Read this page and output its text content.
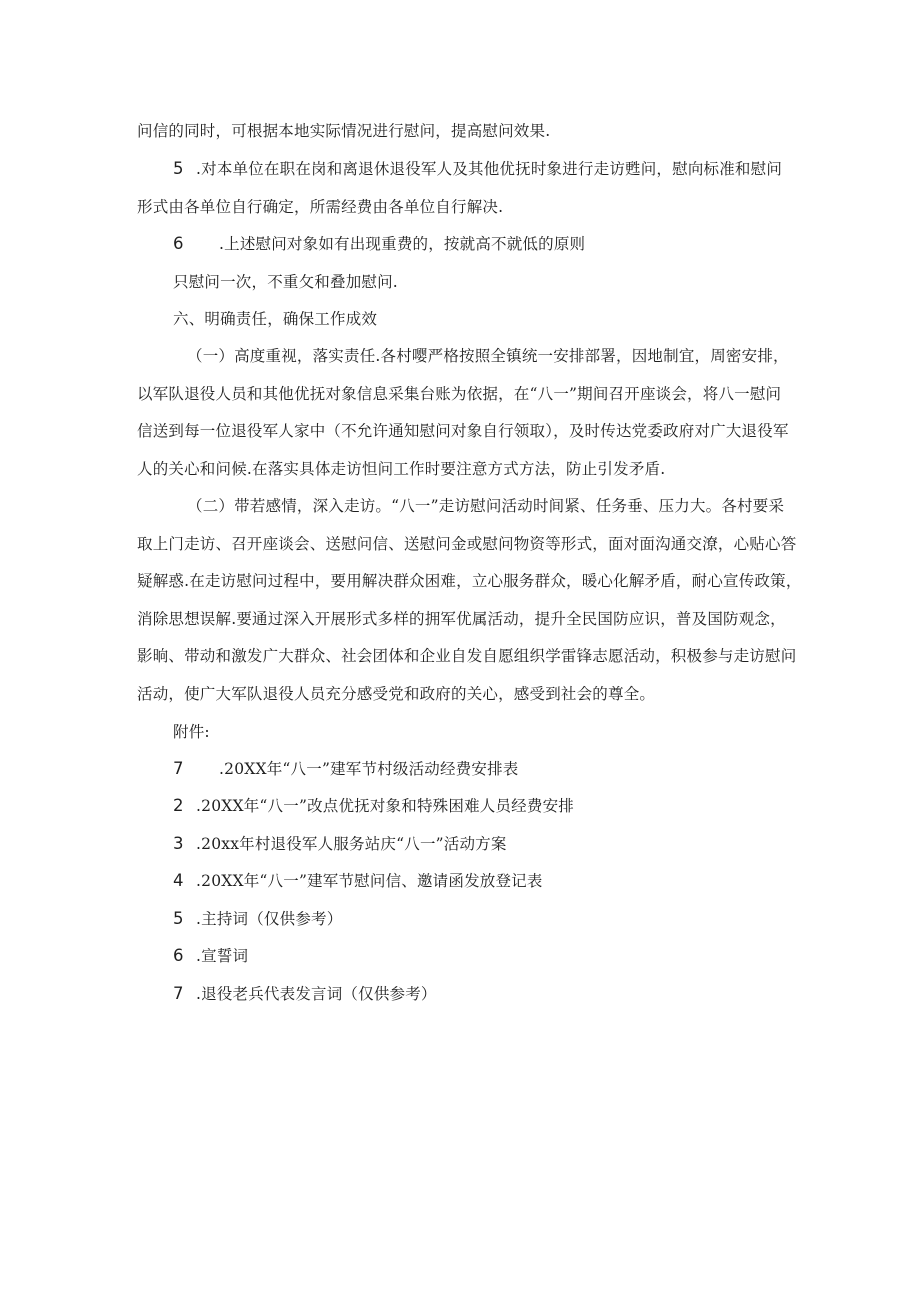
问信的同时，可根据本地实际情况进行慰问，提高慰问效果.
5 .对本单位在职在岗和离退休退役军人及其他优抚时象进行走访甦问，慰向标准和慰问
形式由各单位自行确定，所需经费由各单位自行解决.
6 .上述慰问对象如有出现重费的，按就高不就低的原则
只慰问一次，不重攵和叠加慰问.
六、明确责任，确保工作成效
（一）高度重视，落实责任.各村嘤严格按照全镇统一安排部署，因地制宜，周密安排，
以军队退役人员和其他优抚对象信息采集台账为依据，在“八一”期间召开座谈会，将八一慰问
信送到每一位退役军人家中（不允许通知慰问对象自行领取），及时传达党委政府对广大退役军
人的关心和问候.在落实具体走访怛问工作时要注意方式方法，防止引发矛盾.
（二）带若感情，深入走访。“八一”走访慰问活动时间紧、任务垂、压力大。各村要采
取上门走访、召开座谈会、送慰问信、送慰问金或慰问物资等形式，面对面沟通交潦，心贴心答
疑解惑.在走访慰问过程中，要用解决群众困难，立心服务群众，暖心化解矛盾，耐心宣传政策，
消除思想误解.要通过深入开展形式多样的拥军优属活动，提升全民国防应识，普及国防观念，
影晌、带动和激发广大群众、社会团体和企业自发自愿组织学雷锋志愿活动，积极参与走访慰问
活动，使广大军队退役人员充分感受党和政府的关心，感受到社会的尊全。
附件:
7 .20XX年“八一”建军节村级活动经费安排表
2 .20XX年“八一”改点优抚对象和特殊困难人员经费安排
3 .20xx年村退役军人服务站庆“八一”活动方案
4 .20XX年“八一”建军节慰问信、邀请函发放登记表
5 .主持词（仅供参考）
6 .宣誓词
7 .退役老兵代表发言词（仅供参考）
